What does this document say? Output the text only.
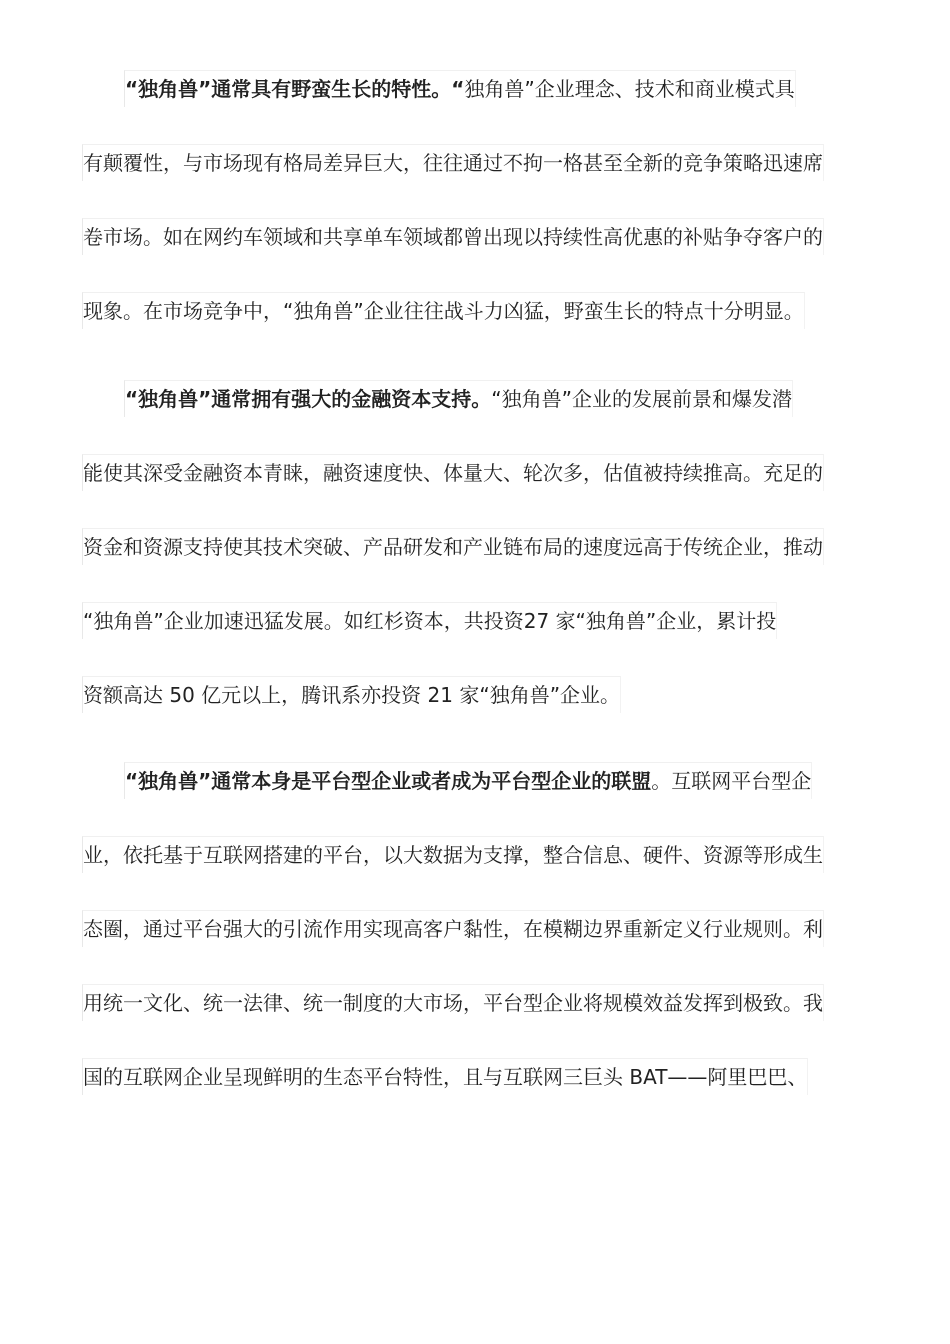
“独角兽”通常具有野蛮生长的特性。“独角兽”企业理念、技术和商业模式具
有颠覆性，与市场现有格局差异巨大，往往通过不拘一格甚至全新的竞争策略迅速席
卷市场。如在网约车领域和共享单车领域都曾出现以持续性高优惠的补贴争夺客户的
现象。在市场竞争中，“独角兽”企业往往战斗力凶猛，野蛮生长的特点十分明显。
“独角兽”通常拥有强大的金融资本支持。“独角兽”企业的发展前景和爆发潜
能使其深受金融资本青睐，融资速度快、体量大、轮次多，估值被持续推高。充足的
资金和资源支持使其技术突破、产品研发和产业链布局的速度远高于传统企业，推动
“独角兽”企业加速迅猛发展。如红杉资本，共投资27 家“独角兽”企业，累计投
资额高达 50 亿元以上，腾讯系亦投资 21 家“独角兽”企业。
“独角兽”通常本身是平台型企业或者成为平台型企业的联盟。互联网平台型企
业，依托基于互联网搭建的平台，以大数据为支撑，整合信息、硬件、资源等形成生
态圈，通过平台强大的引流作用实现高客户黏性，在模糊边界重新定义行业规则。利
用统一文化、统一法律、统一制度的大市场，平台型企业将规模效益发挥到极致。我
国的互联网企业呈现鲜明的生态平台特性，且与互联网三巨头 BAT——阿里巴巴、
